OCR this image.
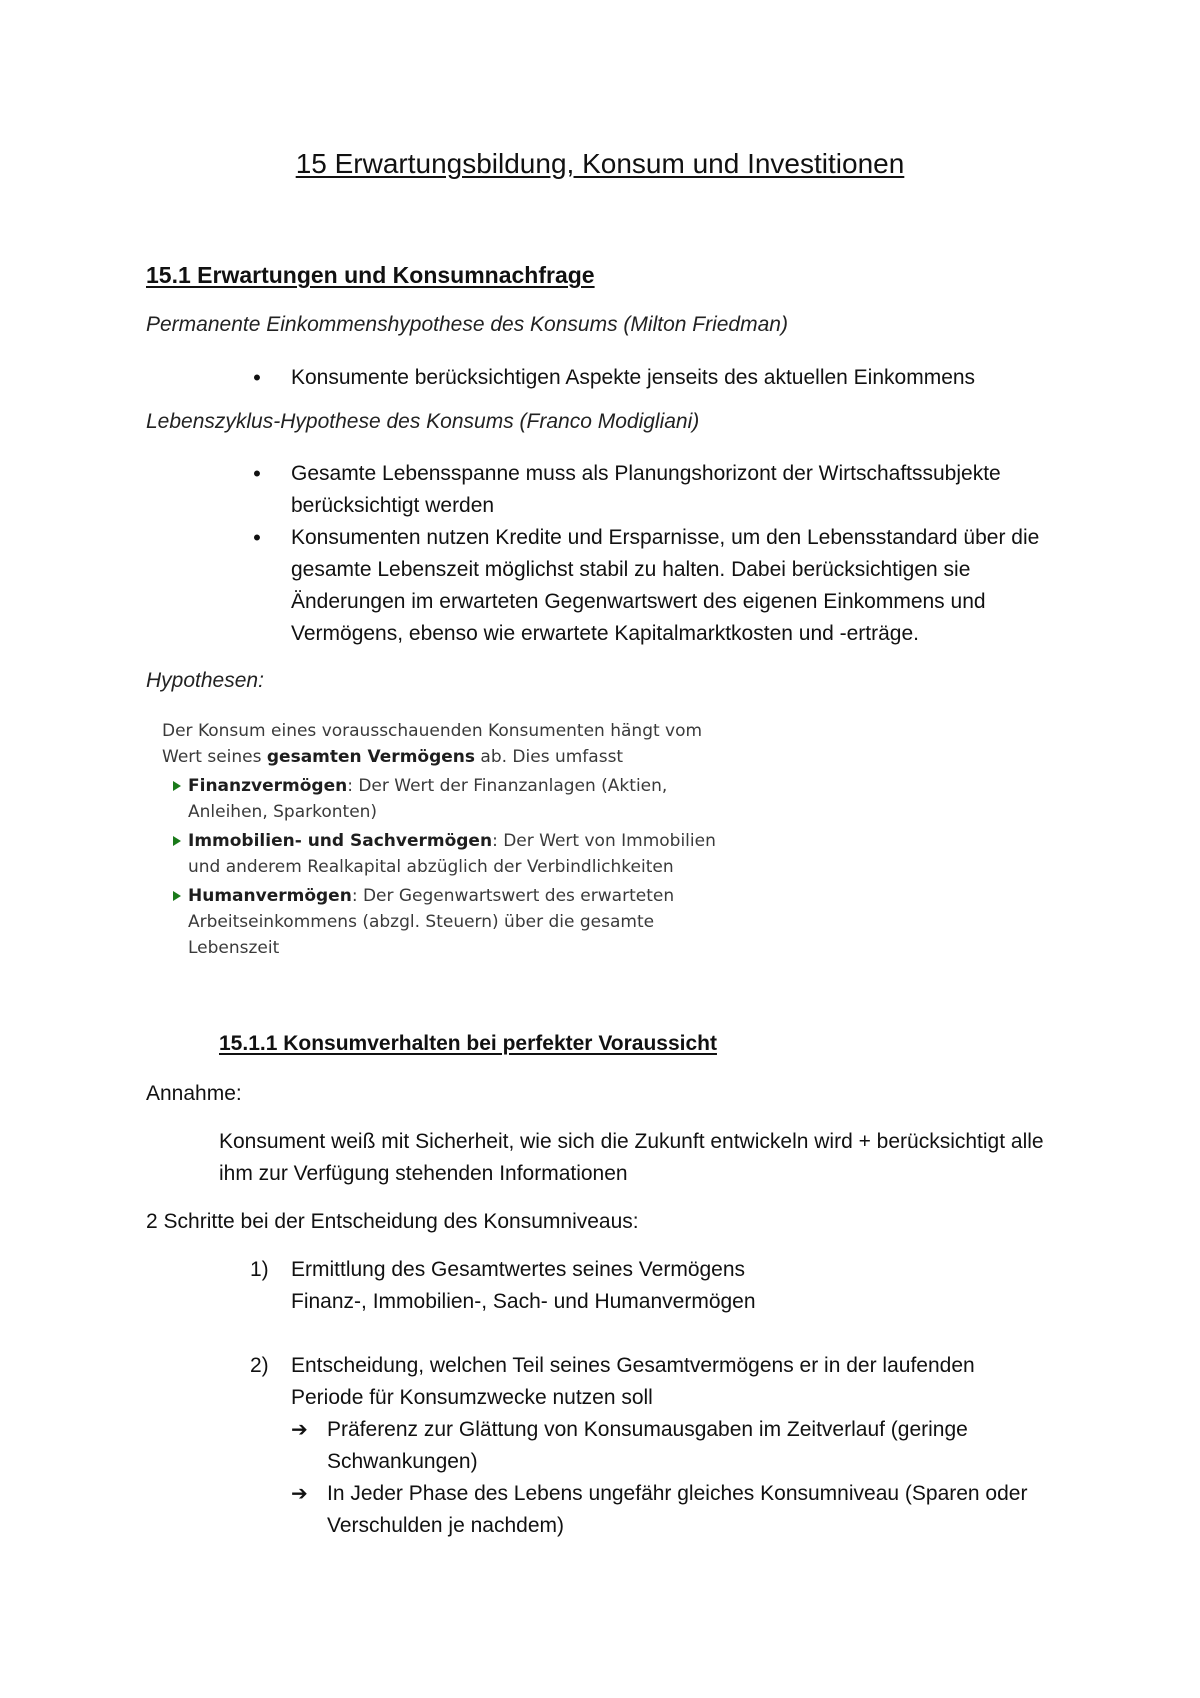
15 Erwartungsbildung, Konsum und Investitionen
15.1 Erwartungen und Konsumnachfrage
Permanente Einkommenshypothese des Konsums (Milton Friedman)
• Konsumente berücksichtigen Aspekte jenseits des aktuellen Einkommens
Lebenszyklus-Hypothese des Konsums (Franco Modigliani)
• Gesamte Lebensspanne muss als Planungshorizont der Wirtschaftssubjekte berücksichtigt werden
• Konsumenten nutzen Kredite und Ersparnisse, um den Lebensstandard über die gesamte Lebenszeit möglichst stabil zu halten. Dabei berücksichtigen sie Änderungen im erwarteten Gegenwartswert des eigenen Einkommens und Vermögens, ebenso wie erwartete Kapitalmarktkosten und -erträge.
Hypothesen:
Der Konsum eines vorausschauenden Konsumenten hängt vom Wert seines gesamten Vermögens ab. Dies umfasst
Finanzvermögen: Der Wert der Finanzanlagen (Aktien, Anleihen, Sparkonten)
Immobilien- und Sachvermögen: Der Wert von Immobilien und anderem Realkapital abzüglich der Verbindlichkeiten
Humanvermögen: Der Gegenwartswert des erwarteten Arbeitseinkommens (abzgl. Steuern) über die gesamte Lebenszeit
15.1.1 Konsumverhalten bei perfekter Voraussicht
Annahme:
Konsument weiß mit Sicherheit, wie sich die Zukunft entwickeln wird + berücksichtigt alle ihm zur Verfügung stehenden Informationen
2 Schritte bei der Entscheidung des Konsumniveaus:
1) Ermittlung des Gesamtwertes seines Vermögens
Finanz-, Immobilien-, Sach- und Humanvermögen
2) Entscheidung, welchen Teil seines Gesamtvermögens er in der laufenden Periode für Konsumzwecke nutzen soll
➔ Präferenz zur Glättung von Konsumausgaben im Zeitverlauf (geringe Schwankungen)
➔ In Jeder Phase des Lebens ungefähr gleiches Konsumniveau (Sparen oder Verschulden je nachdem)
